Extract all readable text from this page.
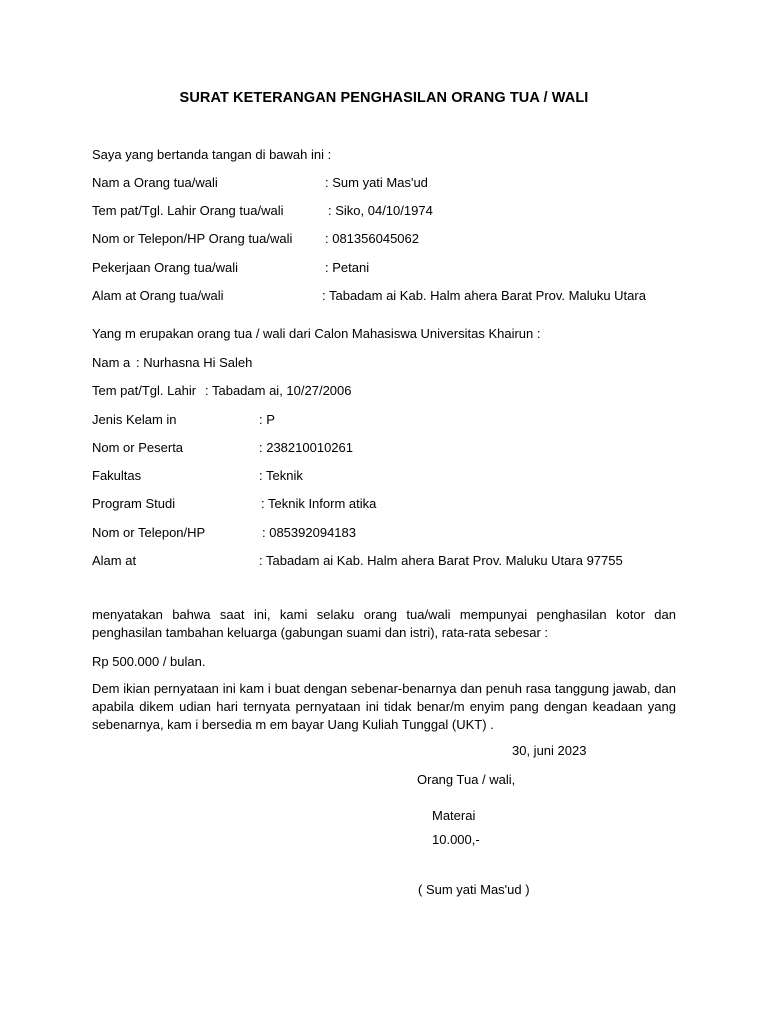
SURAT KETERANGAN PENGHASILAN ORANG TUA / WALI
Saya yang bertanda tangan di bawah ini :
Nam a Orang tua/wali	: Sum yati Mas'ud
Tem pat/Tgl. Lahir Orang tua/wali	: Siko, 04/10/1974
Nom or Telepon/HP Orang tua/wali	: 081356045062
Pekerjaan Orang tua/wali	: Petani
Alam at Orang tua/wali	: Tabadam ai Kab. Halm ahera Barat Prov. Maluku Utara
Yang m erupakan orang tua / wali dari Calon Mahasiswa Universitas Khairun :
Nam a : Nurhasna Hi Saleh
Tem pat/Tgl. Lahir : Tabadam ai, 10/27/2006
Jenis Kelam in	: P
Nom or Peserta	: 238210010261
Fakultas	: Teknik
Program Studi	: Teknik Inform atika
Nom or Telepon/HP	: 085392094183
Alam at	: Tabadam ai Kab. Halm ahera Barat Prov. Maluku Utara 97755
menyatakan bahwa saat ini, kami selaku orang tua/wali mempunyai penghasilan kotor dan penghasilan tambahan keluarga (gabungan suami dan istri), rata-rata sebesar :
Rp 500.000 / bulan.
Dem ikian pernyataan ini kam i buat dengan sebenar-benarnya dan penuh rasa tanggung jawab, dan apabila dikem udian hari ternyata pernyataan ini tidak benar/m enyim pang dengan keadaan yang sebenarnya, kam i bersedia m em bayar Uang Kuliah Tunggal (UKT) .
30, juni 2023
Orang Tua / wali,
Materai
10.000,-
( Sum yati Mas'ud )
